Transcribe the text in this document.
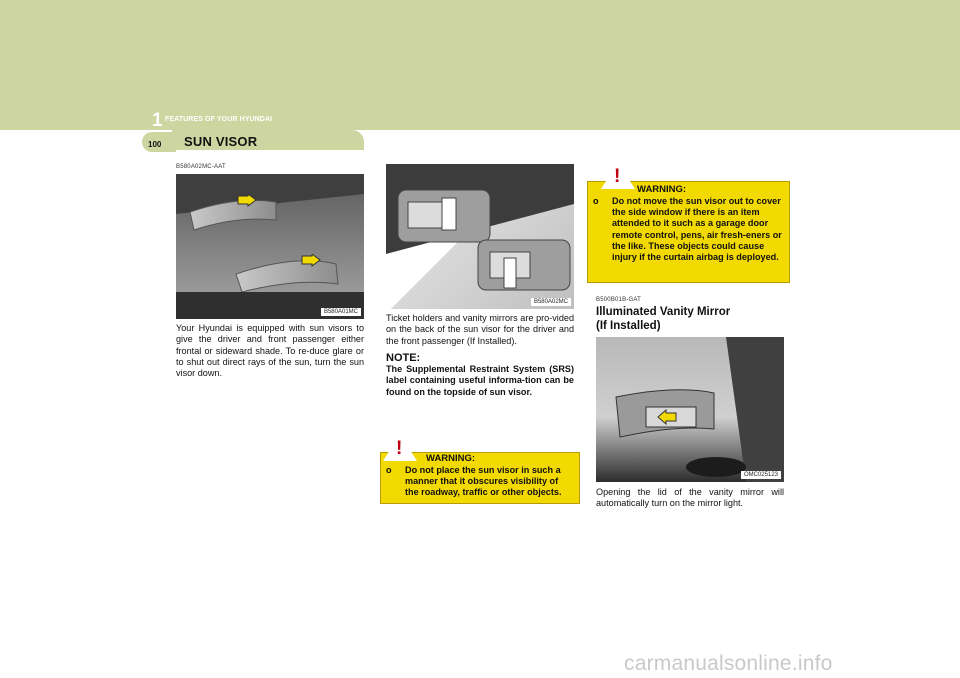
1 FEATURES OF YOUR HYUNDAI
100 SUN VISOR
B580A02MC-AAT
B580A01MC
Your Hyundai is equipped with sun visors to give the driver and front passenger either frontal or sideward shade. To re-duce glare or to shut out direct rays of the sun, turn the sun visor down.
B580A02MC
Ticket holders and vanity mirrors are pro-vided on the back of the sun visor for the driver and the front passenger (If Installed).
NOTE:
The Supplemental Restraint System (SRS) label containing useful informa-tion can be found on the topside of sun visor.
! WARNING:
o	Do not place the sun visor in such a manner that it obscures visibility of the roadway, traffic or other objects.
!
WARNING:
o	Do not move the sun visor out to cover the side window if there is an item attended to it such as a garage door remote control, pens, air fresh-eners or the like. These objects could cause injury if the curtain airbag is deployed.
B500B01B-GAT
Illuminated Vanity Mirror
(If Installed)
OMC025123
Opening the lid of the vanity mirror will automatically turn on the mirror light.
carmanualsonline.info
